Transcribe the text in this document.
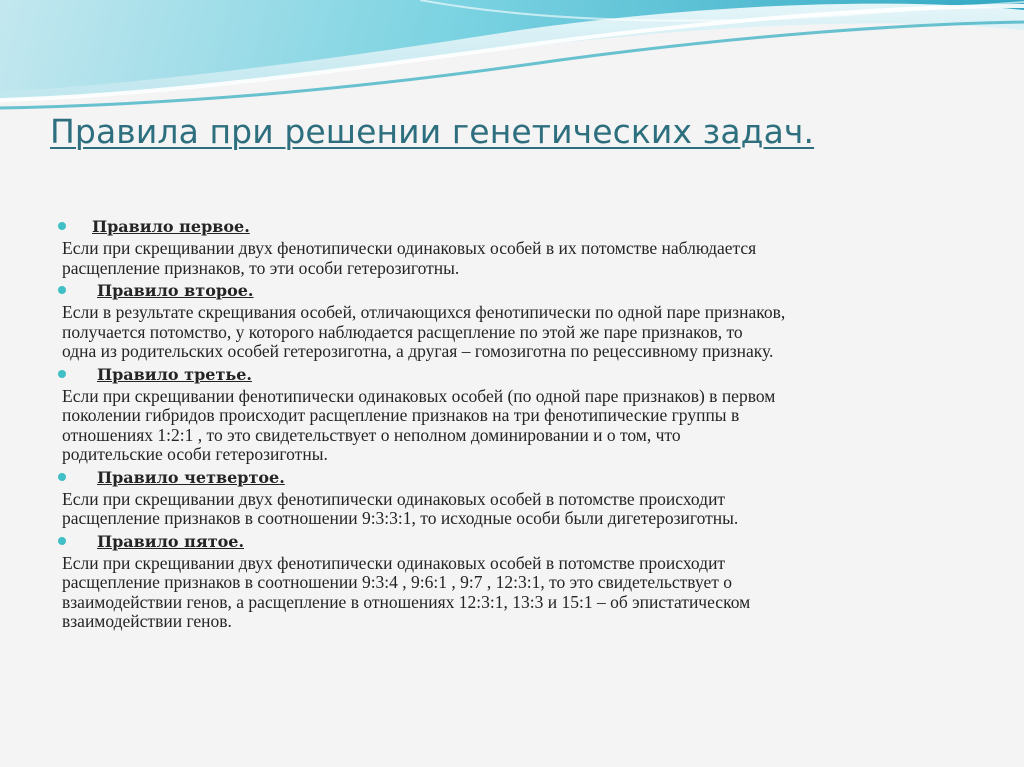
Правила при решении генетических задач.
Правило первое.
Если при скрещивании двух фенотипически одинаковых особей в их потомстве наблюдается
расщепление признаков, то эти особи гетерозиготны.
Правило вторoе.
Если в результате скрещивания особей, отличающихся фенотипически по одной паре признаков,
получается потомство, у которого наблюдается расщепление по этой же паре признаков, то
одна из родительских особей гетерозиготна, а другая – гомозиготна по рецессивному признаку.
Правило третье.
Если при скрещивании фенотипически одинаковых особей (по одной паре признаков) в первом
поколении гибридов происходит расщепление признаков на три фенотипические группы в
отношениях 1:2:1 , то это свидетельствует о неполном доминировании и о том, что
родительские особи гетерозиготны.
Правило четвертое.
Если при скрещивании двух фенотипически одинаковых особей в потомстве происходит
расщепление признаков в соотношении 9:3:3:1, то исходные особи были дигетерозиготны.
Правило пятое.
Если при скрещивании двух фенотипически одинаковых особей в потомстве происходит
расщепление признаков в соотношении 9:3:4 , 9:6:1 , 9:7 , 12:3:1, то это свидетельствует о
взаимодействии генов, а расщепление в отношениях 12:3:1, 13:3 и 15:1 – об эпистатическом
взаимодействии генов.
